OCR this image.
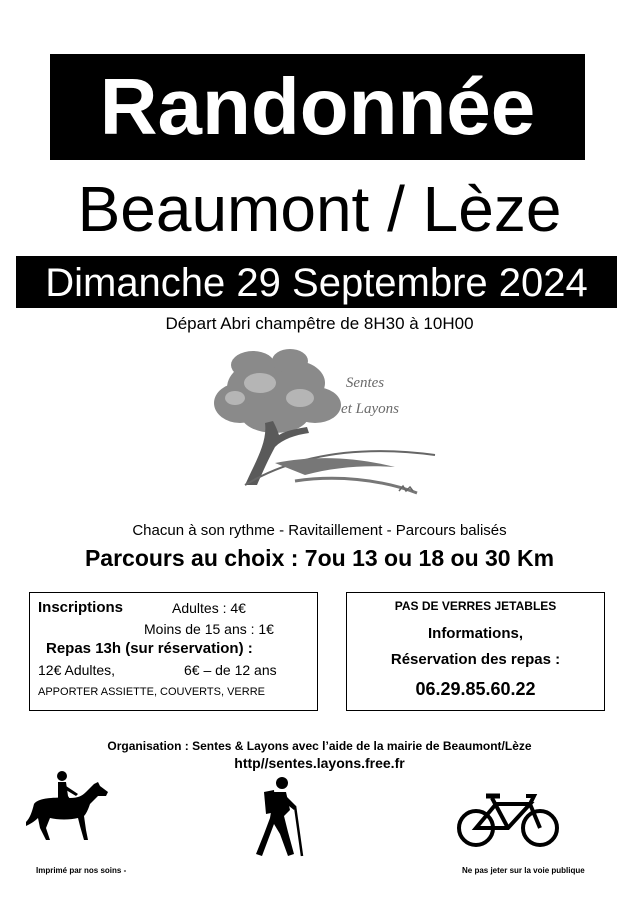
Randonnée
Beaumont / Lèze
Dimanche 29 Septembre 2024
Départ Abri champêtre de 8H30 à 10H00
Sentes
et Layons
Chacun à son rythme - Ravitaillement - Parcours balisés
Parcours au choix : 7ou 13 ou 18 ou 30 Km
Inscriptions	Adultes : 4€
Moins de 15 ans : 1€
Repas 13h (sur réservation) :
12€ Adultes,	6€ – de 12 ans
APPORTER ASSIETTE, COUVERTS, VERRE
PAS DE VERRES JETABLES
Informations,
Réservation des repas :
06.29.85.60.22
Organisation : Sentes & Layons avec l’aide de la mairie de Beaumont/Lèze
http//sentes.layons.free.fr
Imprimé par nos soins -	Ne pas jeter sur la voie publique
